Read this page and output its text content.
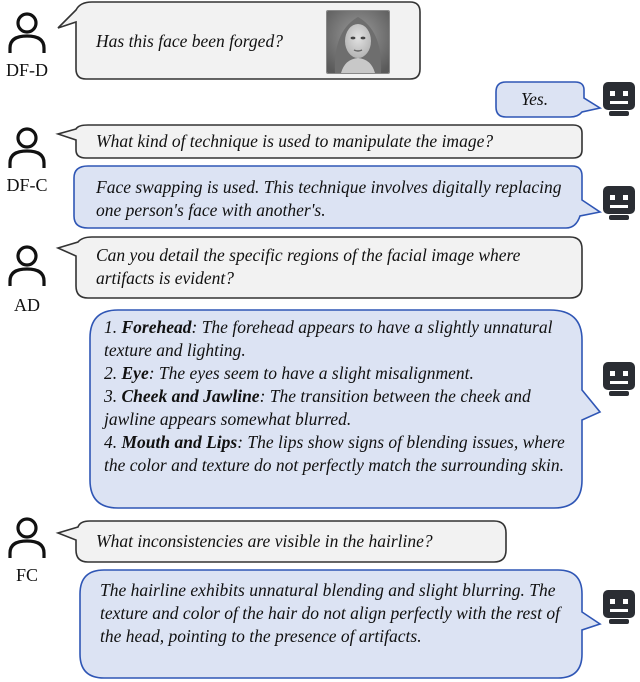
DF-D
DF-C
AD
FC

Has this face been forged?

Yes.

What kind of technique is used to manipulate the image?

Face swapping is used. This technique involves digitally replacing one person's face with another's.

Can you detail the specific regions of the facial image where artifacts is evident?

1. Forehead: The forehead appears to have a slightly unnatural texture and lighting.
2. Eye: The eyes seem to have a slight misalignment.
3. Cheek and Jawline: The transition between the cheek and jawline appears somewhat blurred.
4. Mouth and Lips: The lips show signs of blending issues, where the color and texture do not perfectly match the surrounding skin.

What inconsistencies are visible in the hairline?

The hairline exhibits unnatural blending and slight blurring. The texture and color of the hair do not align perfectly with the rest of the head, pointing to the presence of artifacts.
